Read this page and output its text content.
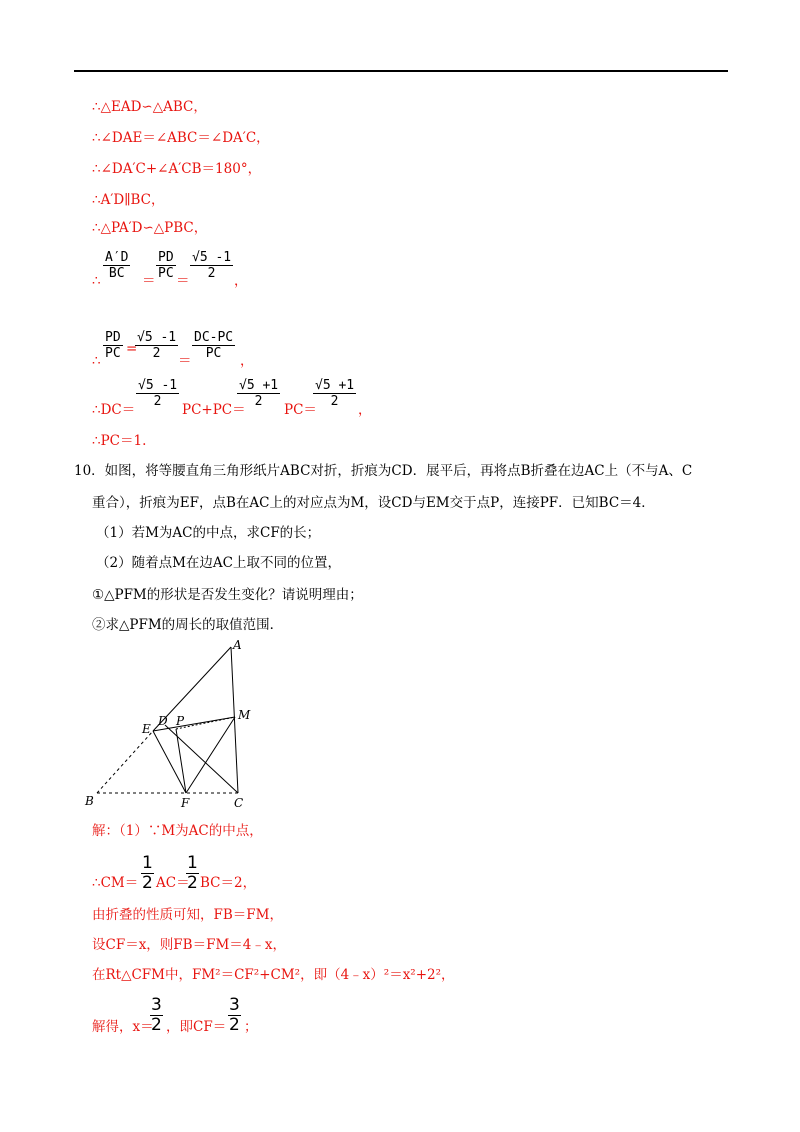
∴△EAD∽△ABC，
∴∠DAE＝∠ABC＝∠DA′C，
∴∠DA′C+∠A′CB＝180°，
∴A′D∥BC，
∴△PA′D∽△PBC，
∴ $\frac{A'D}{BC} = \frac{PD}{PC} = \frac{√5 -1}{2}$ ，
∴ $\frac{PD}{PC}$ =
$\frac{√5 -1}{2} = \frac{DC-PC}{PC}$ ，
∴DC＝
$\frac{√5 -1}{2}$
PC+PC＝
$\frac{√5 +1}{2}$
PC＝
$\frac{√5 +1}{2}$
，
∴PC＝1.
10．如图，将等腰直角三角形纸片ABC对折，折痕为CD．展平后，再将点B折叠在边AC上（不与A、C
重合），折痕为EF，点B在AC上的对应点为M，设CD与EM交于点P，连接PF．已知BC＝4．
（1）若M为AC的中点，求CF的长；
（2）随着点M在边AC上取不同的位置，
①△PFM的形状是否发生变化？请说明理由；
②求△PFM的周长的取值范围．
A
B	C
D
E
F
M
P
解：（1）∵M为AC的中点，
∴CM＝ $\frac{1}{2} AC=$
$\frac{1}{2} BC=2$，
由折叠的性质可知，FB＝FM，
设CF＝x，则FB＝FM＝4﹣x，
在Rt△CFM中，FM²＝CF²+CM²，即（4﹣x）²＝x²+2²，
解得，x＝
$\frac{3}{2}$ ，即$CF= \frac{3}{2}$ ；
